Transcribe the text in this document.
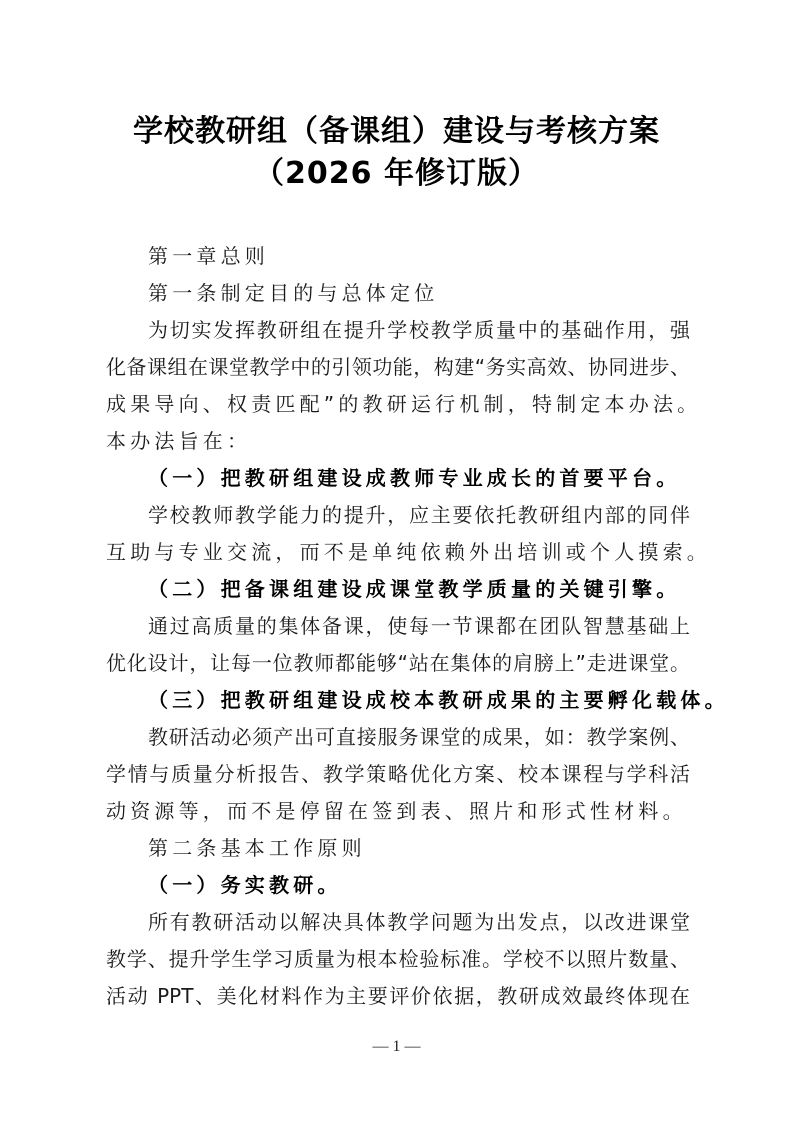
学校教研组（备课组）建设与考核方案
（2026 年修订版）
第一章总则
第一条制定目的与总体定位
为切实发挥教研组在提升学校教学质量中的基础作用，强
化备课组在课堂教学中的引领功能，构建“务实高效、协同进步、
成果导向、权责匹配”的教研运行机制，特制定本办法。
本办法旨在：
（一）把教研组建设成教师专业成长的首要平台。
学校教师教学能力的提升，应主要依托教研组内部的同伴
互助与专业交流，而不是单纯依赖外出培训或个人摸索。
（二）把备课组建设成课堂教学质量的关键引擎。
通过高质量的集体备课，使每一节课都在团队智慧基础上
优化设计，让每一位教师都能够“站在集体的肩膀上”走进课堂。
（三）把教研组建设成校本教研成果的主要孵化载体。
教研活动必须产出可直接服务课堂的成果，如：教学案例、
学情与质量分析报告、教学策略优化方案、校本课程与学科活
动资源等，而不是停留在签到表、照片和形式性材料。
第二条基本工作原则
（一）务实教研。
所有教研活动以解决具体教学问题为出发点，以改进课堂
教学、提升学生学习质量为根本检验标准。学校不以照片数量、
活动 PPT、美化材料作为主要评价依据，教研成效最终体现在
— 1 —
